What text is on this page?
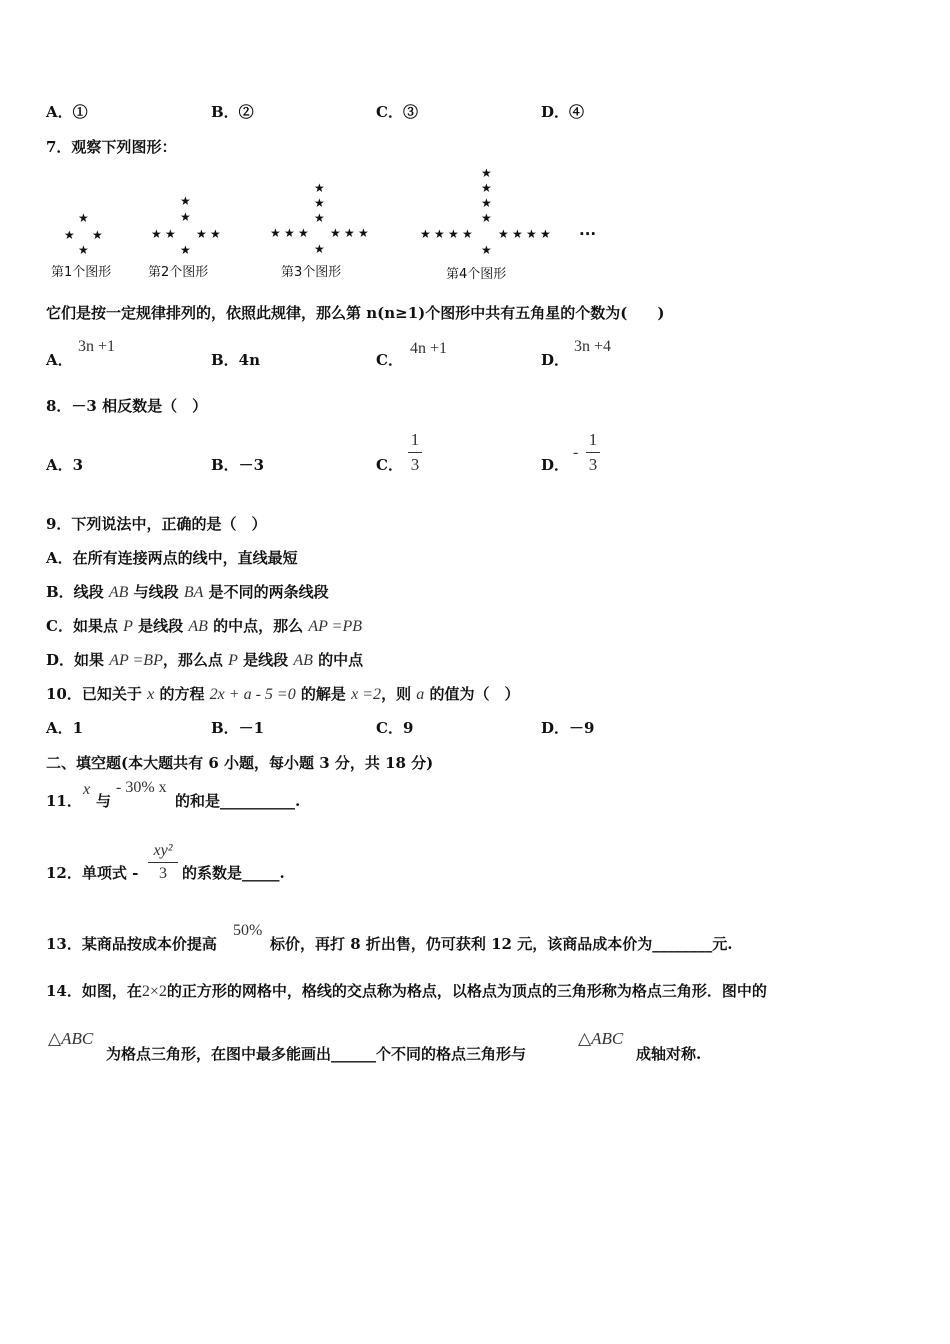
A．①	B．②	C．③	D．④
7．观察下列图形：
★
★ ★
★
★
★
★ ★ ★ ★
★
★
★
★
★ ★ ★ ★ ★ ★
★
★
★
★
★
★ ★ ★ ★ ★ ★ ★ ★
★
···
第1个图形	第2个图形	第3个图形	第4个图形
它们是按一定规律排列的，依照此规律，那么第 n(n≥1)个图形中共有五角星的个数为(　　)
A．
3n +1
B．4n	C．
4n +1
D．
3n +4
8．－3 相反数是（　）
A．3	B．－3	C．
1
3	D．
-
1
3
9．下列说法中，正确的是（　）
A．在所有连接两点的线中，直线最短
B．线段 AB 与线段 BA 是不同的两条线段
C．如果点 P 是线段 AB 的中点，那么 AP =PB
D．如果 AP =BP，那么点 P 是线段 AB 的中点
10．已知关于 x 的方程 2x + a - 5 =0 的解是 x =2，则 a 的值为（　）
A．1	B．－1	C．9	D．－9
二、填空题(本大题共有 6 小题，每小题 3 分，共 18 分)
11．
x
与
- 30% x
的和是__________.
12．单项式 -
xy²
3	的系数是_____.
13．某商品按成本价提高
50%
标价，再打 8 折出售，仍可获利 12 元，该商品成本价为________元.
14．如图，在2×2的正方形的网格中，格线的交点称为格点，以格点为顶点的三角形称为格点三角形．图中的
△ABC
为格点三角形，在图中最多能画出______个不同的格点三角形与
△ABC
成轴对称.
